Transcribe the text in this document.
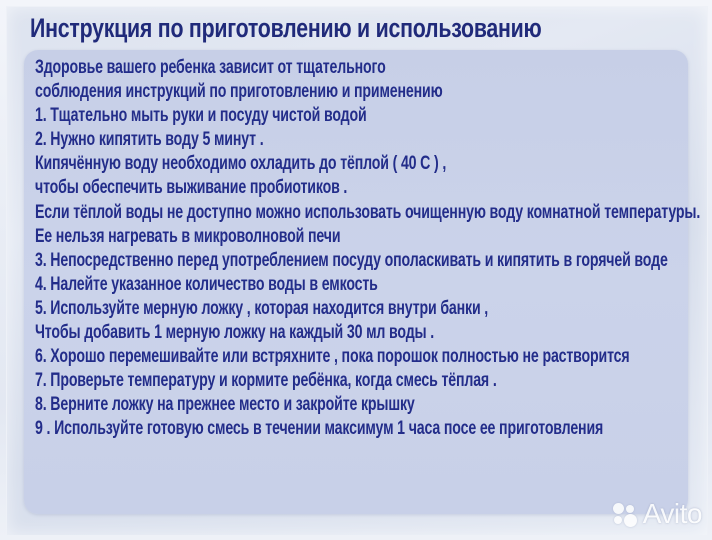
Инструкция по приготовлению и использованию
Здоровье вашего ребенка зависит от тщательного
соблюдения инструкций по приготовлению и применению
1. Тщательно мыть руки и посуду чистой водой
2. Нужно кипятить воду 5 минут .
Кипячённую воду необходимо охладить до тёплой ( 40 С ) ,
чтобы обеспечить выживание пробиотиков .
Если тёплой воды не доступно можно использовать очищенную воду комнатной температуры.
Ее нельзя нагревать в микроволновой печи
3. Непосредственно перед употреблением посуду ополаскивать и кипятить в горячей воде
4. Налейте указанное количество воды в емкость
5. Используйте мерную ложку , которая находится внутри банки ,
Чтобы добавить 1 мерную ложку на каждый 30 мл воды .
6. Хорошо перемешивайте или встряхните , пока порошок полностью не растворится
7. Проверьте температуру и кормите ребёнка, когда смесь тёплая .
8. Верните ложку на прежнее место и закройте крышку
9 . Используйте готовую смесь в течении максимум 1 часа посе ее приготовления
Avito
